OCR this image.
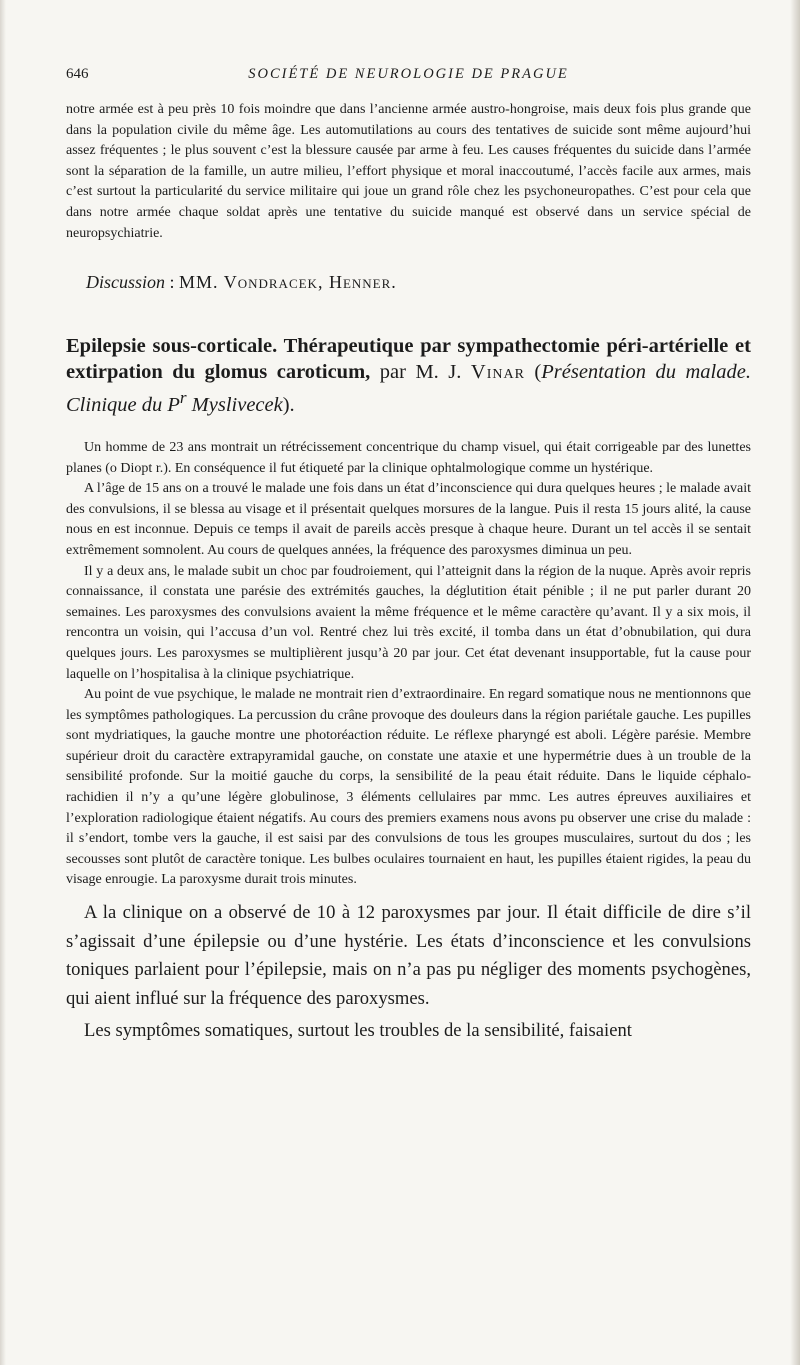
646	SOCIÉTÉ DE NEUROLOGIE DE PRAGUE

notre armée est à peu près 10 fois moindre que dans l’ancienne armée austro-hongroise, mais deux fois plus grande que dans la population civile du même âge. Les automutilations au cours des tentatives de suicide sont même aujourd’hui assez fréquentes ; le plus souvent c’est la blessure causée par arme à feu. Les causes fréquentes du suicide dans l’armée sont la séparation de la famille, un autre milieu, l’effort physique et moral inaccoutumé, l’accès facile aux armes, mais c’est surtout la particularité du service militaire qui joue un grand rôle chez les psychoneuropathes. C’est pour cela que dans notre armée chaque soldat après une tentative du suicide manqué est observé dans un service spécial de neuropsychiatrie.

Discussion : MM. Vondracek, Henner.
Epilepsie sous-corticale. Thérapeutique par sympathectomie péri-artérielle et extirpation du glomus caroticum, par M. J. Vinar (Présentation du malade. Clinique du $P^r$ Myslivecek).

Un homme de 23 ans montrait un rétrécissement concentrique du champ visuel, qui était corrigeable par des lunettes planes (o Diopt r.). En conséquence il fut étiqueté par la clinique ophtalmologique comme un hystérique.

A l’âge de 15 ans on a trouvé le malade une fois dans un état d’inconscience qui dura quelques heures ; le malade avait des convulsions, il se blessa au visage et il présentait quelques morsures de la langue. Puis il resta 15 jours alité, la cause nous en est inconnue. Depuis ce temps il avait de pareils accès presque à chaque heure. Durant un tel accès il se sentait extrêmement somnolent. Au cours de quelques années, la fréquence des paroxysmes diminua un peu.

Il y a deux ans, le malade subit un choc par foudroiement, qui l’atteignit dans la région de la nuque. Après avoir repris connaissance, il constata une parésie des extrémités gauches, la déglutition était pénible ; il ne put parler durant 20 semaines. Les paroxysmes des convulsions avaient la même fréquence et le même caractère qu’avant. Il y a six mois, il rencontra un voisin, qui l’accusa d’un vol. Rentré chez lui très excité, il tomba dans un état d’obnubilation, qui dura quelques jours. Les paroxysmes se multiplièrent jusqu’à 20 par jour. Cet état devenant insupportable, fut la cause pour laquelle on l’hospitalisa à la clinique psychiatrique.

Au point de vue psychique, le malade ne montrait rien d’extraordinaire. En regard somatique nous ne mentionnons que les symptômes pathologiques. La percussion du crâne provoque des douleurs dans la région pariétale gauche. Les pupilles sont mydriatiques, la gauche montre une photoréaction réduite. Le réflexe pharyngé est aboli. Légère parésie. Membre supérieur droit du caractère extrapyramidal gauche, on constate une ataxie et une hypermétrie dues à un trouble de la sensibilité profonde. Sur la moitié gauche du corps, la sensibilité de la peau était réduite. Dans le liquide céphalo-rachidien il n’y a qu’une légère globulinose, 3 éléments cellulaires par mmc. Les autres épreuves auxiliaires et l’exploration radiologique étaient négatifs. Au cours des premiers examens nous avons pu observer une crise du malade : il s’endort, tombe vers la gauche, il est saisi par des convulsions de tous les groupes musculaires, surtout du dos ; les secousses sont plutôt de caractère tonique. Les bulbes oculaires tournaient en haut, les pupilles étaient rigides, la peau du visage enrougie. La paroxysme durait trois minutes.

A la clinique on a observé de 10 à 12 paroxysmes par jour. Il était difficile de dire s’il s’agissait d’une épilepsie ou d’une hystérie. Les états d’inconscience et les convulsions toniques parlaient pour l’épilepsie, mais on n’a pas pu négliger des moments psychogènes, qui aient influé sur la fréquence des paroxysmes.

Les symptômes somatiques, surtout les troubles de la sensibilité, faisaient
